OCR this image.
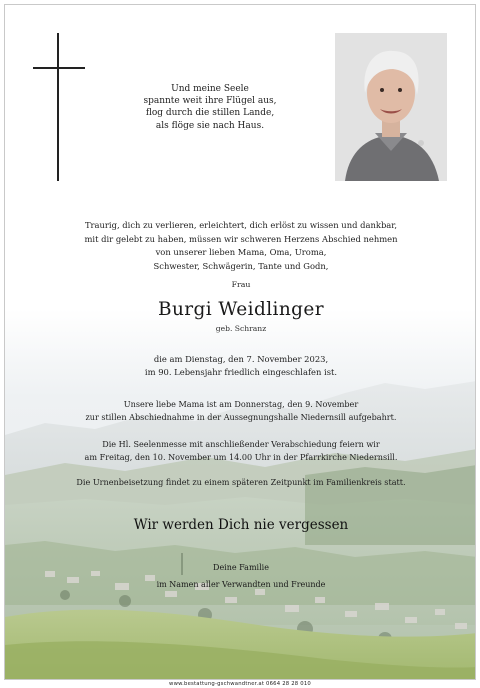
Und meine Seele
spannte weit ihre Flügel aus,
flog durch die stillen Lande,
als flöge sie nach Haus.
Traurig, dich zu verlieren, erleichtert, dich erlöst zu wissen und dankbar,
mit dir gelebt zu haben, müssen wir schweren Herzens Abschied nehmen
von unserer lieben Mama, Oma, Uroma,
Schwester, Schwägerin, Tante und Godn,
Frau
Burgi Weidlinger
geb. Schranz
die am Dienstag, den 7. November 2023,
im 90. Lebensjahr friedlich eingeschlafen ist.
Unsere liebe Mama ist am Donnerstag, den 9. November
zur stillen Abschiednahme in der Aussegnungshalle Niedernsill aufgebahrt.
Die Hl. Seelenmesse mit anschließender Verabschiedung feiern wir
am Freitag, den 10. November um 14.00 Uhr in der Pfarrkirche Niedernsill.
Die Urnenbeisetzung findet zu einem späteren Zeitpunkt im Familienkreis statt.
Wir werden Dich nie vergessen
Deine Familie
im Namen aller Verwandten und Freunde
www.bestattung-gschwandtner.at 0664 28 28 010
